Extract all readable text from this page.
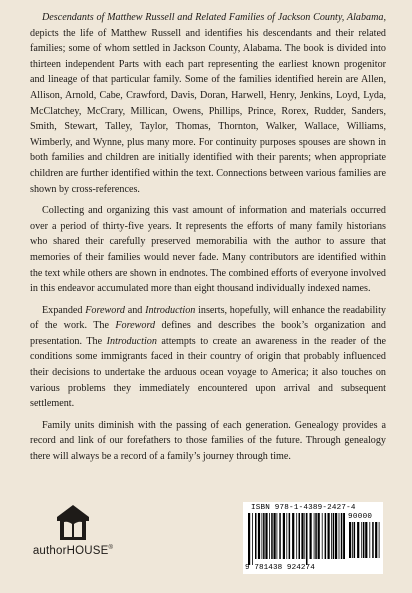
Descendants of Matthew Russell and Related Families of Jackson County, Alabama, depicts the life of Matthew Russell and identifies his descendants and their related families; some of whom settled in Jackson County, Alabama. The book is divided into thirteen independent Parts with each part representing the earliest known progenitor and lineage of that particular family. Some of the families identified herein are Allen, Allison, Arnold, Cabe, Crawford, Davis, Doran, Harwell, Henry, Jenkins, Loyd, Lyda, McClatchey, McCrary, Millican, Owens, Phillips, Prince, Rorex, Rudder, Sanders, Smith, Stewart, Talley, Taylor, Thomas, Thornton, Walker, Wallace, Williams, Wimberly, and Wynne, plus many more. For continuity purposes spouses are shown in both families and children are initially identified with their parents; when appropriate children are further identified within the text. Connections between various families are shown by cross-references.

Collecting and organizing this vast amount of information and materials occurred over a period of thirty-five years. It represents the efforts of many family historians who shared their carefully preserved memorabilia with the author to assure that memories of their families would never fade. Many contributors are identified within the text while others are shown in endnotes. The combined efforts of everyone involved in this endeavor accumulated more than eight thousand individually indexed names.

Expanded Foreword and Introduction inserts, hopefully, will enhance the readability of the work. The Foreword defines and describes the book’s organization and presentation. The Introduction attempts to create an awareness in the reader of the conditions some immigrants faced in their country of origin that probably influenced their decisions to undertake the arduous ocean voyage to America; it also touches on various problems they immediately encountered upon arrival and subsequent settlement.

Family units diminish with the passing of each generation. Genealogy provides a record and link of our forefathers to those families of the future. Through genealogy there will always be a record of a family’s journey through time.

authorHOUSE®
ISBN 978-1-4389-2427-4
90000
9 781438 924274
